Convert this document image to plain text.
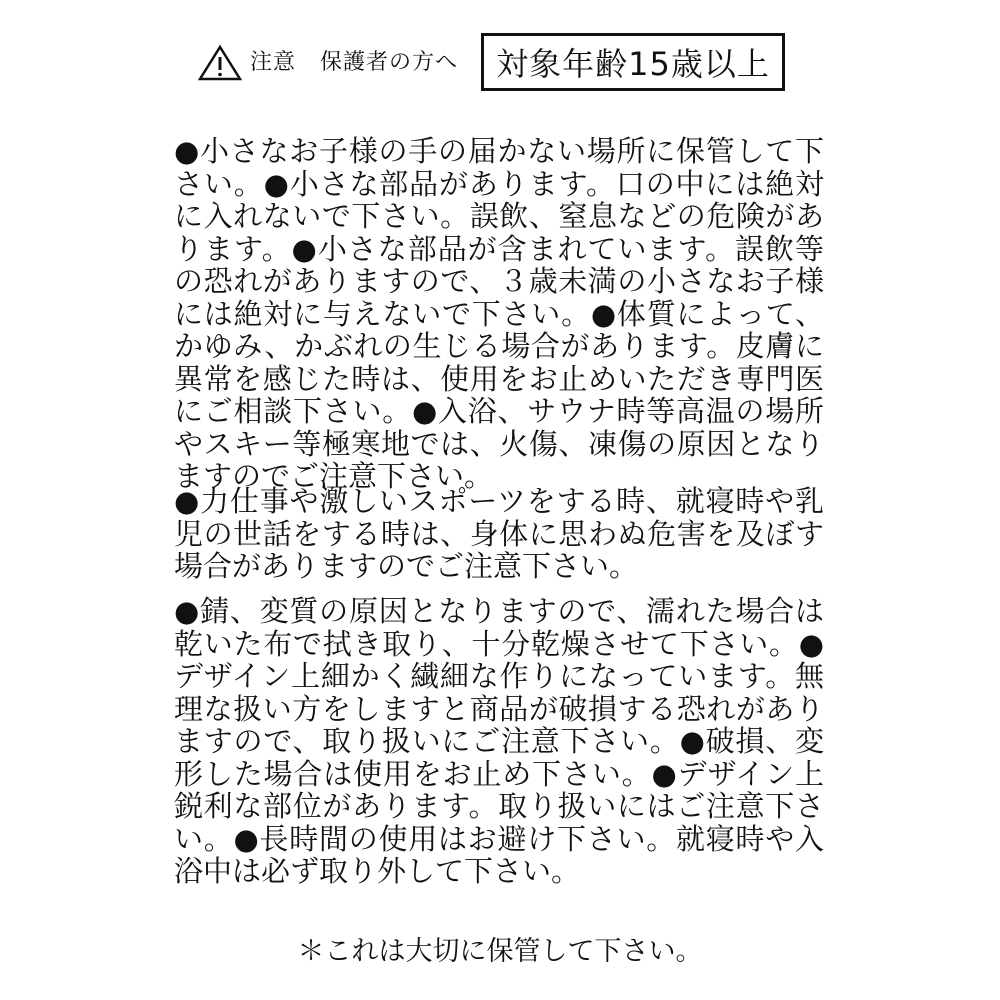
注意 保護者の方へ	対象年齢15歳以上

●小さなお子様の手の届かない場所に保管して下さい。●小さな部品があります。口の中には絶対に入れないで下さい。誤飲、窒息などの危険があります。●小さな部品が含まれています。誤飲等の恐れがありますので、３歳未満の小さなお子様には絶対に与えないで下さい。●体質によって、かゆみ、かぶれの生じる場合があります。皮膚に異常を感じた時は、使用をお止めいただき専門医にご相談下さい。●入浴、サウナ時等高温の場所やスキー等極寒地では、火傷、凍傷の原因となりますのでご注意下さい。

●力仕事や激しいスポーツをする時、就寝時や乳児の世話をする時は、身体に思わぬ危害を及ぼす場合がありますのでご注意下さい。

●錆、変質の原因となりますので、濡れた場合は乾いた布で拭き取り、十分乾燥させて下さい。●デザイン上細かく繊細な作りになっています。無理な扱い方をしますと商品が破損する恐れがありますので、取り扱いにご注意下さい。●破損、変形した場合は使用をお止め下さい。●デザイン上鋭利な部位があります。取り扱いにはご注意下さい。●長時間の使用はお避け下さい。就寝時や入浴中は必ず取り外して下さい。

＊これは大切に保管して下さい。
